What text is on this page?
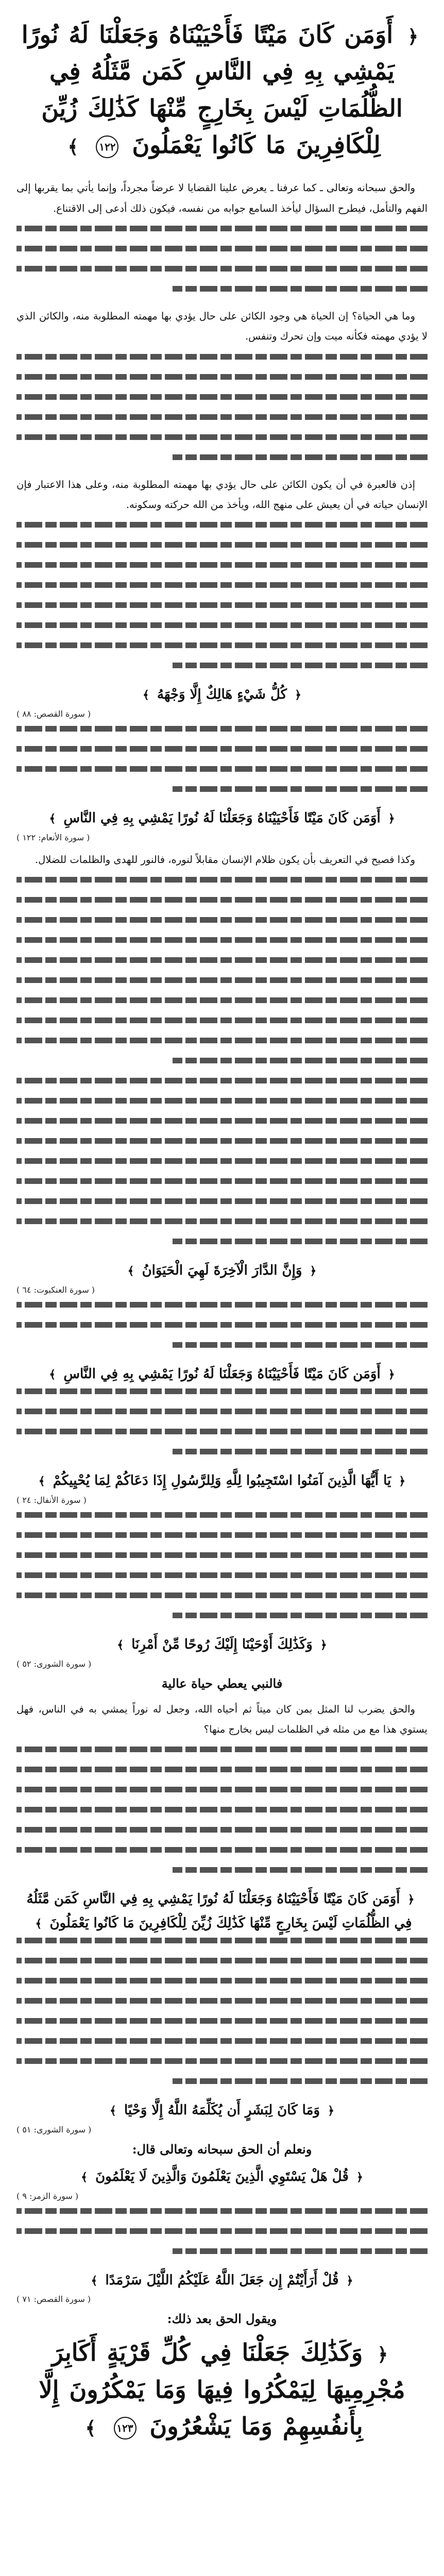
﴿ أَوَمَن كَانَ مَيْتًا فَأَحْيَيْنَاهُ وَجَعَلْنَا لَهُ نُورًا يَمْشِي بِهِ فِي النَّاسِ كَمَن مَّثَلُهُ فِي الظُّلُمَاتِ لَيْسَ بِخَارِجٍ مِّنْهَا كَذَٰلِكَ زُيِّنَ لِلْكَافِرِينَ مَا كَانُوا يَعْمَلُونَ ١٢٢ ﴾

والحق سبحانه وتعالى ـ كما عرفنا ـ يعرض علينا القضايا لا عرضاً مجرداً، وإنما يأتي بما يقربها إلى الفهم والتأمل، فيطرح السؤال ليأخذ السامع جوابه من نفسه، فيكون ذلك أدعى إلى الاقتناع.

وما هي الحياة؟ إن الحياة هي وجود الكائن على حال يؤدي بها مهمته المطلوبة منه، والكائن الذي لا يؤدي مهمته فكأنه ميت وإن تحرك وتنفس.

إذن فالعبرة في أن يكون الكائن على حال يؤدي بها مهمته المطلوبة منه، وعلى هذا الاعتبار فإن الإنسان حياته في أن يعيش على منهج الله، ويأخذ من الله حركته وسكونه.

﴿ كُلُّ شَيْءٍ هَالِكٌ إِلَّا وَجْهَهُ ﴾
( سورة القصص: ٨٨ )
﴿ أَوَمَن كَانَ مَيْتًا فَأَحْيَيْنَاهُ وَجَعَلْنَا لَهُ نُورًا يَمْشِي بِهِ فِي النَّاسِ ﴾
( سورة الأنعام: ١٢٢ )

وكذا فصيح في التعريف بأن يكون ظلام الإنسان مقابلاً لنوره، فالنور للهدى والظلمات للضلال.

﴿ وَإِنَّ الدَّارَ الْآخِرَةَ لَهِيَ الْحَيَوَانُ ﴾
( سورة العنكبوت: ٦٤ )
﴿ أَوَمَن كَانَ مَيْتًا فَأَحْيَيْنَاهُ وَجَعَلْنَا لَهُ نُورًا يَمْشِي بِهِ فِي النَّاسِ ﴾
﴿ يَا أَيُّهَا الَّذِينَ آمَنُوا اسْتَجِيبُوا لِلَّهِ وَلِلرَّسُولِ إِذَا دَعَاكُمْ لِمَا يُحْيِيكُمْ ﴾
( سورة الأنفال: ٢٤ )
﴿ وَكَذَٰلِكَ أَوْحَيْنَا إِلَيْكَ رُوحًا مِّنْ أَمْرِنَا ﴾
( سورة الشورى: ٥٢ )
فالنبي يعطي حياة عالية

والحق يضرب لنا المثل بمن كان ميتاً ثم أحياه الله، وجعل له نوراً يمشي به في الناس، فهل يستوي هذا مع من مثله في الظلمات ليس بخارج منها؟

﴿ أَوَمَن كَانَ مَيْتًا فَأَحْيَيْنَاهُ وَجَعَلْنَا لَهُ نُورًا يَمْشِي بِهِ فِي النَّاسِ كَمَن مَّثَلُهُ فِي الظُّلُمَاتِ لَيْسَ بِخَارِجٍ مِّنْهَا كَذَٰلِكَ زُيِّنَ لِلْكَافِرِينَ مَا كَانُوا يَعْمَلُونَ ﴾
﴿ وَمَا كَانَ لِبَشَرٍ أَن يُكَلِّمَهُ اللَّهُ إِلَّا وَحْيًا ﴾
( سورة الشورى: ٥١ )
ونعلم أن الحق سبحانه وتعالى قال:
﴿ قُلْ هَلْ يَسْتَوِي الَّذِينَ يَعْلَمُونَ وَالَّذِينَ لَا يَعْلَمُونَ ﴾
( سورة الزمر: ٩ )
﴿ قُلْ أَرَأَيْتُمْ إِن جَعَلَ اللَّهُ عَلَيْكُمُ اللَّيْلَ سَرْمَدًا ﴾
( سورة القصص: ٧١ )
ويقول الحق بعد ذلك:
﴿ وَكَذَٰلِكَ جَعَلْنَا فِي كُلِّ قَرْيَةٍ أَكَابِرَ مُجْرِمِيهَا لِيَمْكُرُوا فِيهَا وَمَا يَمْكُرُونَ إِلَّا بِأَنفُسِهِمْ وَمَا يَشْعُرُونَ ١٢٣ ﴾
